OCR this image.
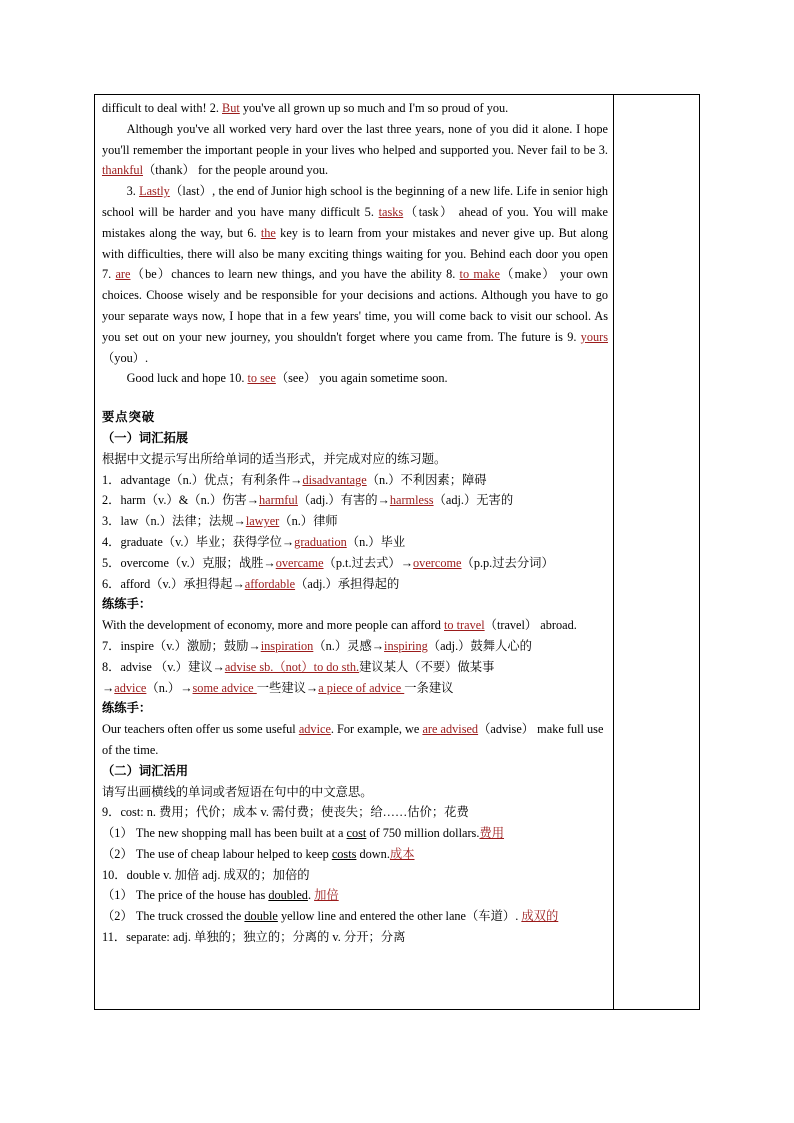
difficult to deal with! 2. But you've all grown up so much and I'm so proud of you.

Although you've all worked very hard over the last three years, none of you did it alone. I hope you'll remember the important people in your lives who helped and supported you. Never fail to be 3. thankful（thank） for the people around you.

3. Lastly（last）, the end of Junior high school is the beginning of a new life. Life in senior high school will be harder and you have many difficult 5. tasks（task） ahead of you. You will make mistakes along the way, but 6. the key is to learn from your mistakes and never give up. But along with difficulties, there will also be many exciting things waiting for you. Behind each door you open 7. are（be）chances to learn new things, and you have the ability 8. to make（make） your own choices. Choose wisely and be responsible for your decisions and actions. Although you have to go your separate ways now, I hope that in a few years' time, you will come back to visit our school. As you set out on your new journey, you shouldn't forget where you came from. The future is 9. yours（you）.

Good luck and hope 10. to see（see） you again sometime soon.

要点突破

（一）词汇拓展

根据中文提示写出所给单词的适当形式，并完成对应的练习题。

1．advantage（n.）优点；有利条件→disadvantage（n.）不利因素；障碍

2．harm（v.）&（n.）伤害→harmful（adj.）有害的→harmless（adj.）无害的

3．law（n.）法律；法规→lawyer（n.）律师

4．graduate（v.）毕业；获得学位→graduation（n.）毕业

5．overcome（v.）克服；战胜→overcame（p.t.过去式）→overcome（p.p.过去分词）

6．afford（v.）承担得起→affordable（adj.）承担得起的

练练手：

With the development of economy, more and more people can afford to travel（travel） abroad.

7．inspire（v.）激励；鼓励→inspiration（n.）灵感→inspiring（adj.）鼓舞人心的

8．advise （v.）建议→advise sb.（not）to do sth.建议某人（不要）做某事

→advice（n.）→some advice 一些建议→a piece of advice 一条建议

练练手：

Our teachers often offer us some useful advice. For example, we are advised（advise） make full use of the time.

（二）词汇活用

请写出画横线的单词或者短语在句中的中文意思。

9．cost: n. 费用；代价；成本 v. 需付费；使丧失；给……估价；花费

（1） The new shopping mall has been built at a cost of 750 million dollars.费用

（2） The use of cheap labour helped to keep costs down.成本

10．double v. 加倍 adj. 成双的；加倍的

（1） The price of the house has doubled. 加倍

（2） The truck crossed the double yellow line and entered the other lane（车道）. 成双的

11．separate: adj. 单独的；独立的；分离的 v. 分开；分离
